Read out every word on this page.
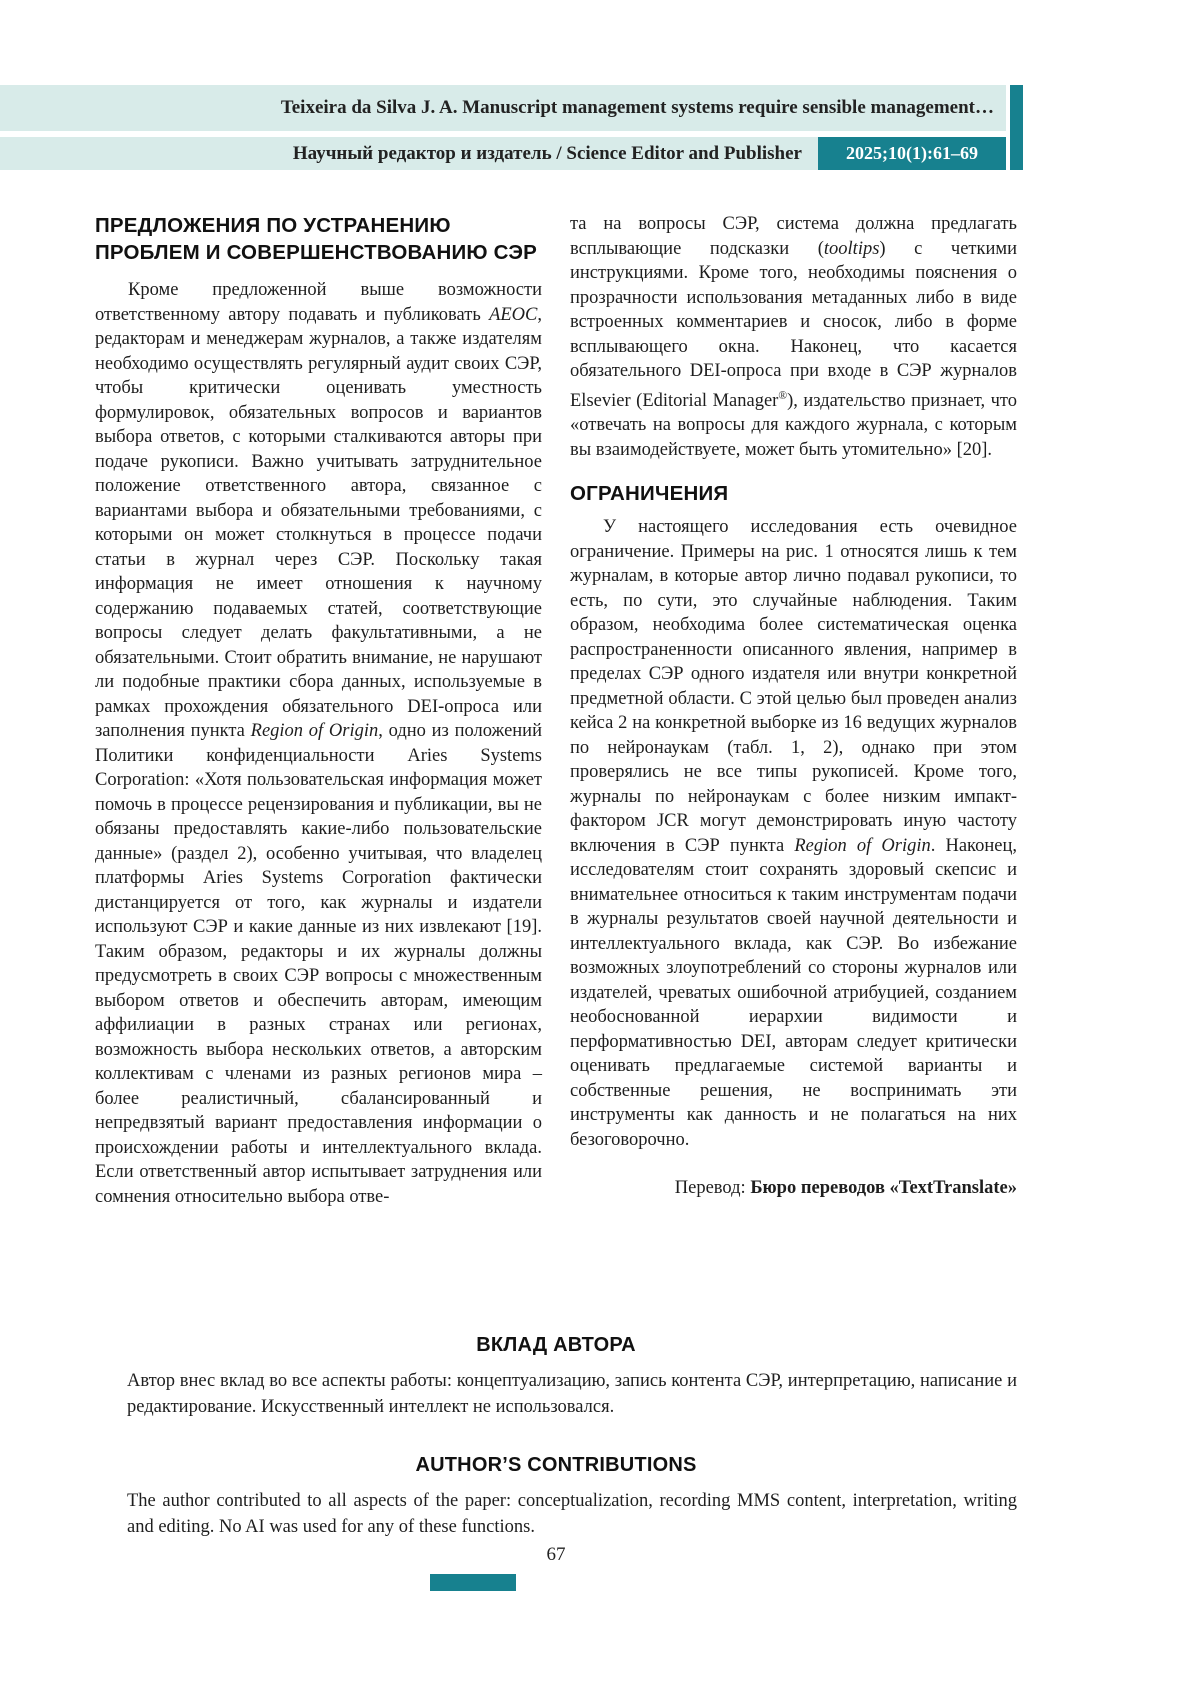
Teixeira da Silva J. A. Manuscript management systems require sensible management…
Научный редактор и издатель / Science Editor and Publisher 2025;10(1):61–69
ПРЕДЛОЖЕНИЯ ПО УСТРАНЕНИЮ ПРОБЛЕМ И СОВЕРШЕНСТВОВАНИЮ СЭР

Кроме предложенной выше возможности ответственному автору подавать и публиковать AEOC, редакторам и менеджерам журналов, а также издателям необходимо осуществлять регулярный аудит своих СЭР, чтобы критически оценивать уместность формулировок, обязательных вопросов и вариантов выбора ответов, с которыми сталкиваются авторы при подаче рукописи. Важно учитывать затруднительное положение ответственного автора, связанное с вариантами выбора и обязательными требованиями, с которыми он может столкнуться в процессе подачи статьи в журнал через СЭР. Поскольку такая информация не имеет отношения к научному содержанию подаваемых статей, соответствующие вопросы следует делать факультативными, а не обязательными. Стоит обратить внимание, не нарушают ли подобные практики сбора данных, используемые в рамках прохождения обязательного DEI-опроса или заполнения пункта Region of Origin, одно из положений Политики конфиденциальности Aries Systems Corporation: «Хотя пользовательская информация может помочь в процессе рецензирования и публикации, вы не обязаны предоставлять какие-либо пользовательские данные» (раздел 2), особенно учитывая, что владелец платформы Aries Systems Corporation фактически дистанцируется от того, как журналы и издатели используют СЭР и какие данные из них извлекают [19]. Таким образом, редакторы и их журналы должны предусмотреть в своих СЭР вопросы с множественным выбором ответов и обеспечить авторам, имеющим аффилиации в разных странах или регионах, возможность выбора нескольких ответов, а авторским коллективам с членами из разных регионов мира – более реалистичный, сбалансированный и непредвзятый вариант предоставления информации о происхождении работы и интеллектуального вклада. Если ответственный автор испытывает затруднения или сомнения относительно выбора отве-

та на вопросы СЭР, система должна предлагать всплывающие подсказки (tooltips) с четкими инструкциями. Кроме того, необходимы пояснения о прозрачности использования метаданных либо в виде встроенных комментариев и сносок, либо в форме всплывающего окна. Наконец, что касается обязательного DEI-опроса при входе в СЭР журналов Elsevier (Editorial Manager®), издательство признает, что «отвечать на вопросы для каждого журнала, с которым вы взаимодействуете, может быть утомительно» [20].

ОГРАНИЧЕНИЯ

У настоящего исследования есть очевидное ограничение. Примеры на рис. 1 относятся лишь к тем журналам, в которые автор лично подавал рукописи, то есть, по сути, это случайные наблюдения. Таким образом, необходима более систематическая оценка распространенности описанного явления, например в пределах СЭР одного издателя или внутри конкретной предметной области. С этой целью был проведен анализ кейса 2 на конкретной выборке из 16 ведущих журналов по нейронаукам (табл. 1, 2), однако при этом проверялись не все типы рукописей. Кроме того, журналы по нейронаукам с более низким импакт-фактором JCR могут демонстрировать иную частоту включения в СЭР пункта Region of Origin. Наконец, исследователям стоит сохранять здоровый скепсис и внимательнее относиться к таким инструментам подачи в журналы результатов своей научной деятельности и интеллектуального вклада, как СЭР. Во избежание возможных злоупотреблений со стороны журналов или издателей, чреватых ошибочной атрибуцией, созданием необоснованной иерархии видимости и перформативностью DEI, авторам следует критически оценивать предлагаемые системой варианты и собственные решения, не воспринимать эти инструменты как данность и не полагаться на них безоговорочно.

Перевод: Бюро переводов «TextTranslate»

ВКЛАД АВТОРА

Автор внес вклад во все аспекты работы: концептуализацию, запись контента СЭР, интерпретацию, написание и редактирование. Искусственный интеллект не использовался.

AUTHOR’S CONTRIBUTIONS

The author contributed to all aspects of the paper: conceptualization, recording MMS content, interpretation, writing and editing. No AI was used for any of these functions.

67
